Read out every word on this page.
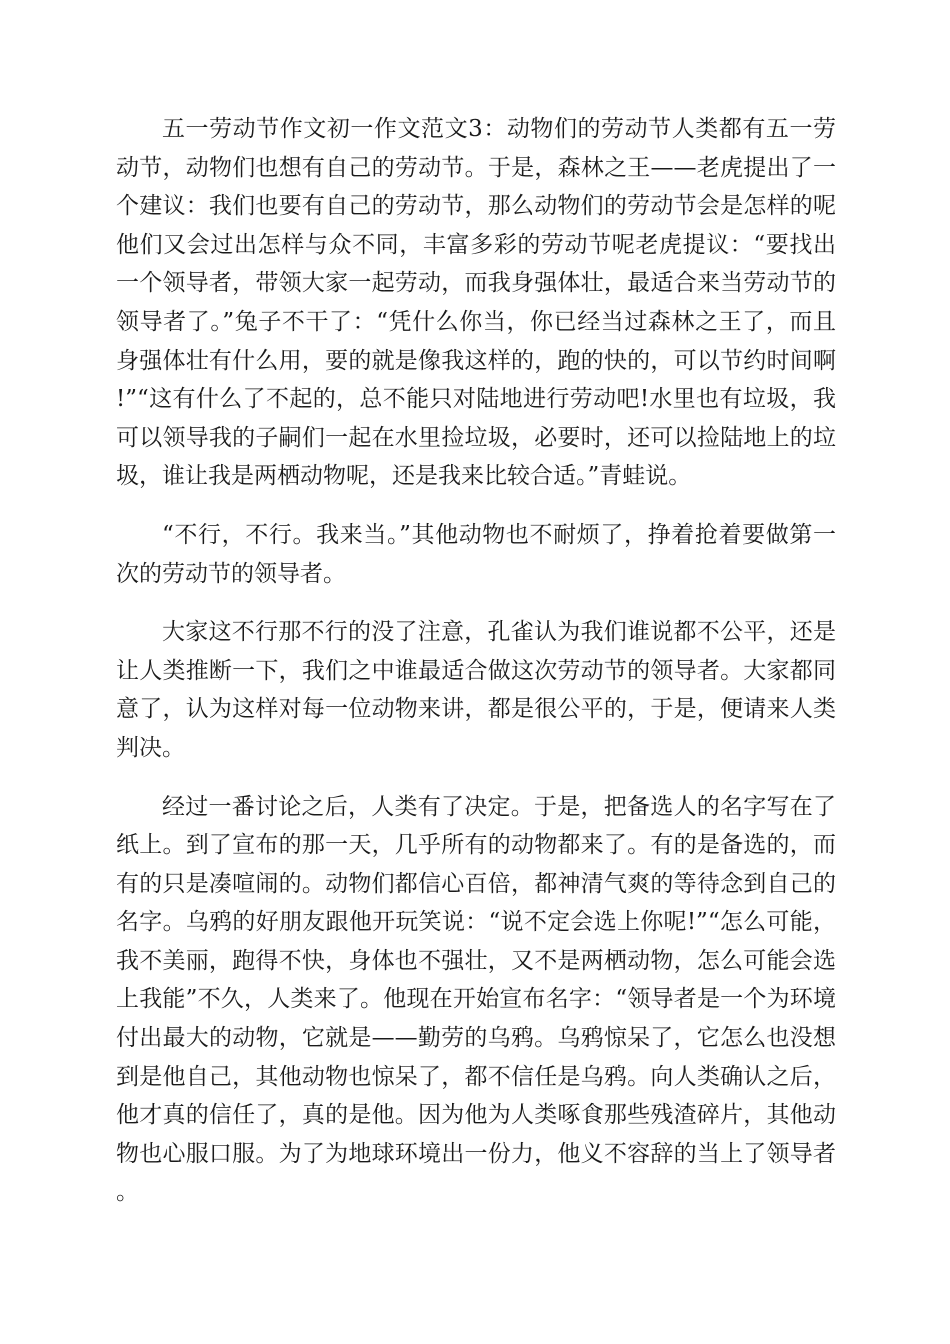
五一劳动节作文初一作文范文3：动物们的劳动节人类都有五一劳动节，动物们也想有自己的劳动节。于是，森林之王——老虎提出了一个建议：我们也要有自己的劳动节，那么动物们的劳动节会是怎样的呢他们又会过出怎样与众不同，丰富多彩的劳动节呢老虎提议：“要找出一个领导者，带领大家一起劳动，而我身强体壮，最适合来当劳动节的领导者了。”兔子不干了：“凭什么你当，你已经当过森林之王了，而且身强体壮有什么用，要的就是像我这样的，跑的快的，可以节约时间啊!”“这有什么了不起的，总不能只对陆地进行劳动吧!水里也有垃圾，我可以领导我的子嗣们一起在水里捡垃圾，必要时，还可以捡陆地上的垃圾，谁让我是两栖动物呢，还是我来比较合适。”青蛙说。

“不行，不行。我来当。”其他动物也不耐烦了，挣着抢着要做第一次的劳动节的领导者。

大家这不行那不行的没了注意，孔雀认为我们谁说都不公平，还是让人类推断一下，我们之中谁最适合做这次劳动节的领导者。大家都同意了，认为这样对每一位动物来讲，都是很公平的，于是，便请来人类判决。

经过一番讨论之后，人类有了决定。于是，把备选人的名字写在了纸上。到了宣布的那一天，几乎所有的动物都来了。有的是备选的，而有的只是凑喧闹的。动物们都信心百倍，都神清气爽的等待念到自己的名字。乌鸦的好朋友跟他开玩笑说：“说不定会选上你呢!”“怎么可能，我不美丽，跑得不快，身体也不强壮，又不是两栖动物，怎么可能会选上我能”不久，人类来了。他现在开始宣布名字：“领导者是一个为环境付出最大的动物，它就是——勤劳的乌鸦。乌鸦惊呆了，它怎么也没想到是他自己，其他动物也惊呆了，都不信任是乌鸦。向人类确认之后，他才真的信任了，真的是他。因为他为人类啄食那些残渣碎片，其他动物也心服口服。为了为地球环境出一份力，他义不容辞的当上了领导者。
